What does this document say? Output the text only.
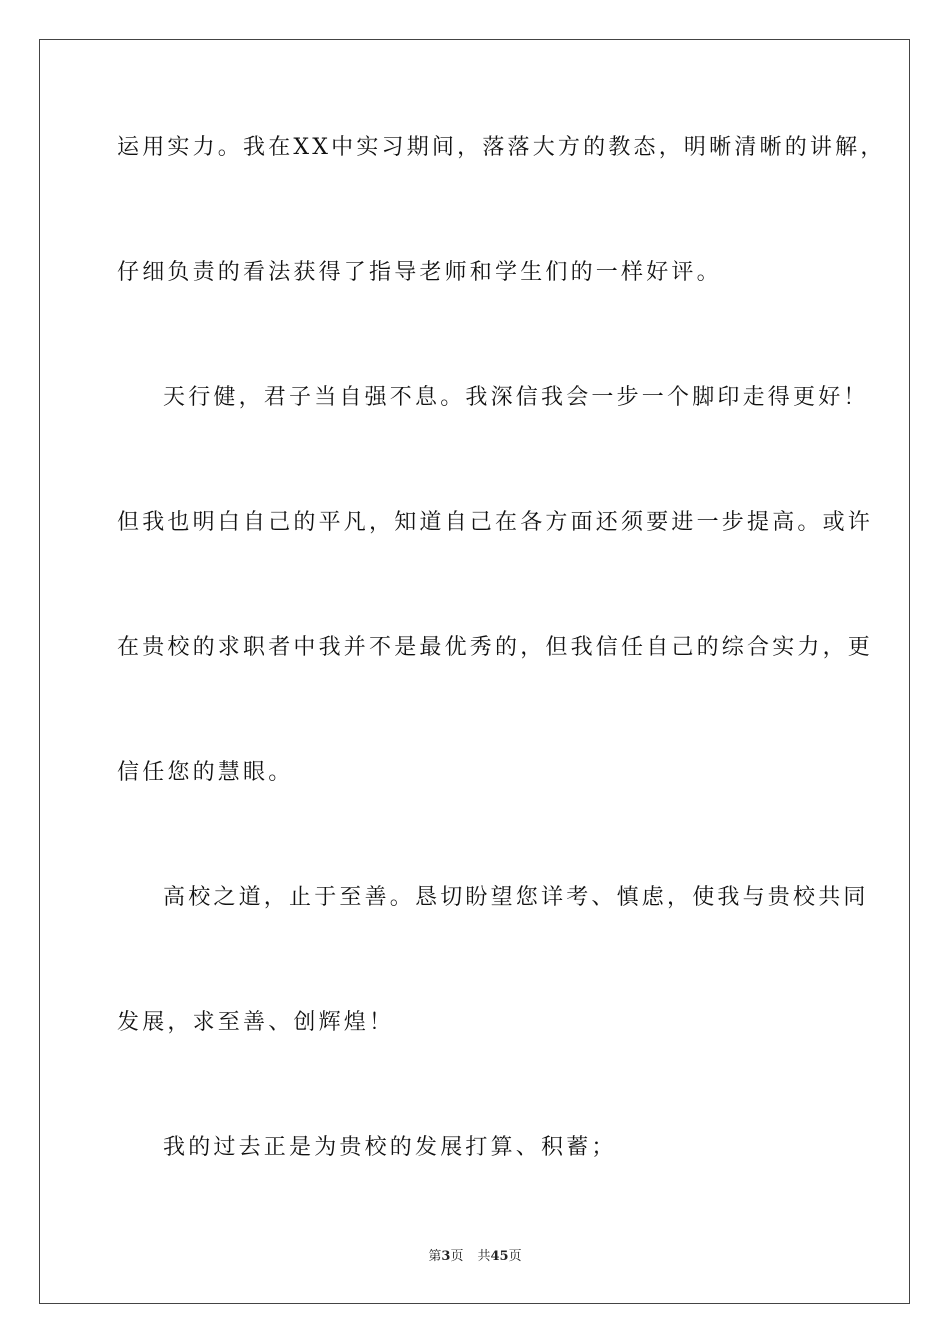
运用实力。我在XX中实习期间，落落大方的教态，明晰清晰的讲解，
仔细负责的看法获得了指导老师和学生们的一样好评。
天行健，君子当自强不息。我深信我会一步一个脚印走得更好！
但我也明白自己的平凡，知道自己在各方面还须要进一步提高。或许
在贵校的求职者中我并不是最优秀的，但我信任自己的综合实力，更
信任您的慧眼。
高校之道，止于至善。恳切盼望您详考、慎虑，使我与贵校共同
发展，求至善、创辉煌！
我的过去正是为贵校的发展打算、积蓄；
第3页 共45页
